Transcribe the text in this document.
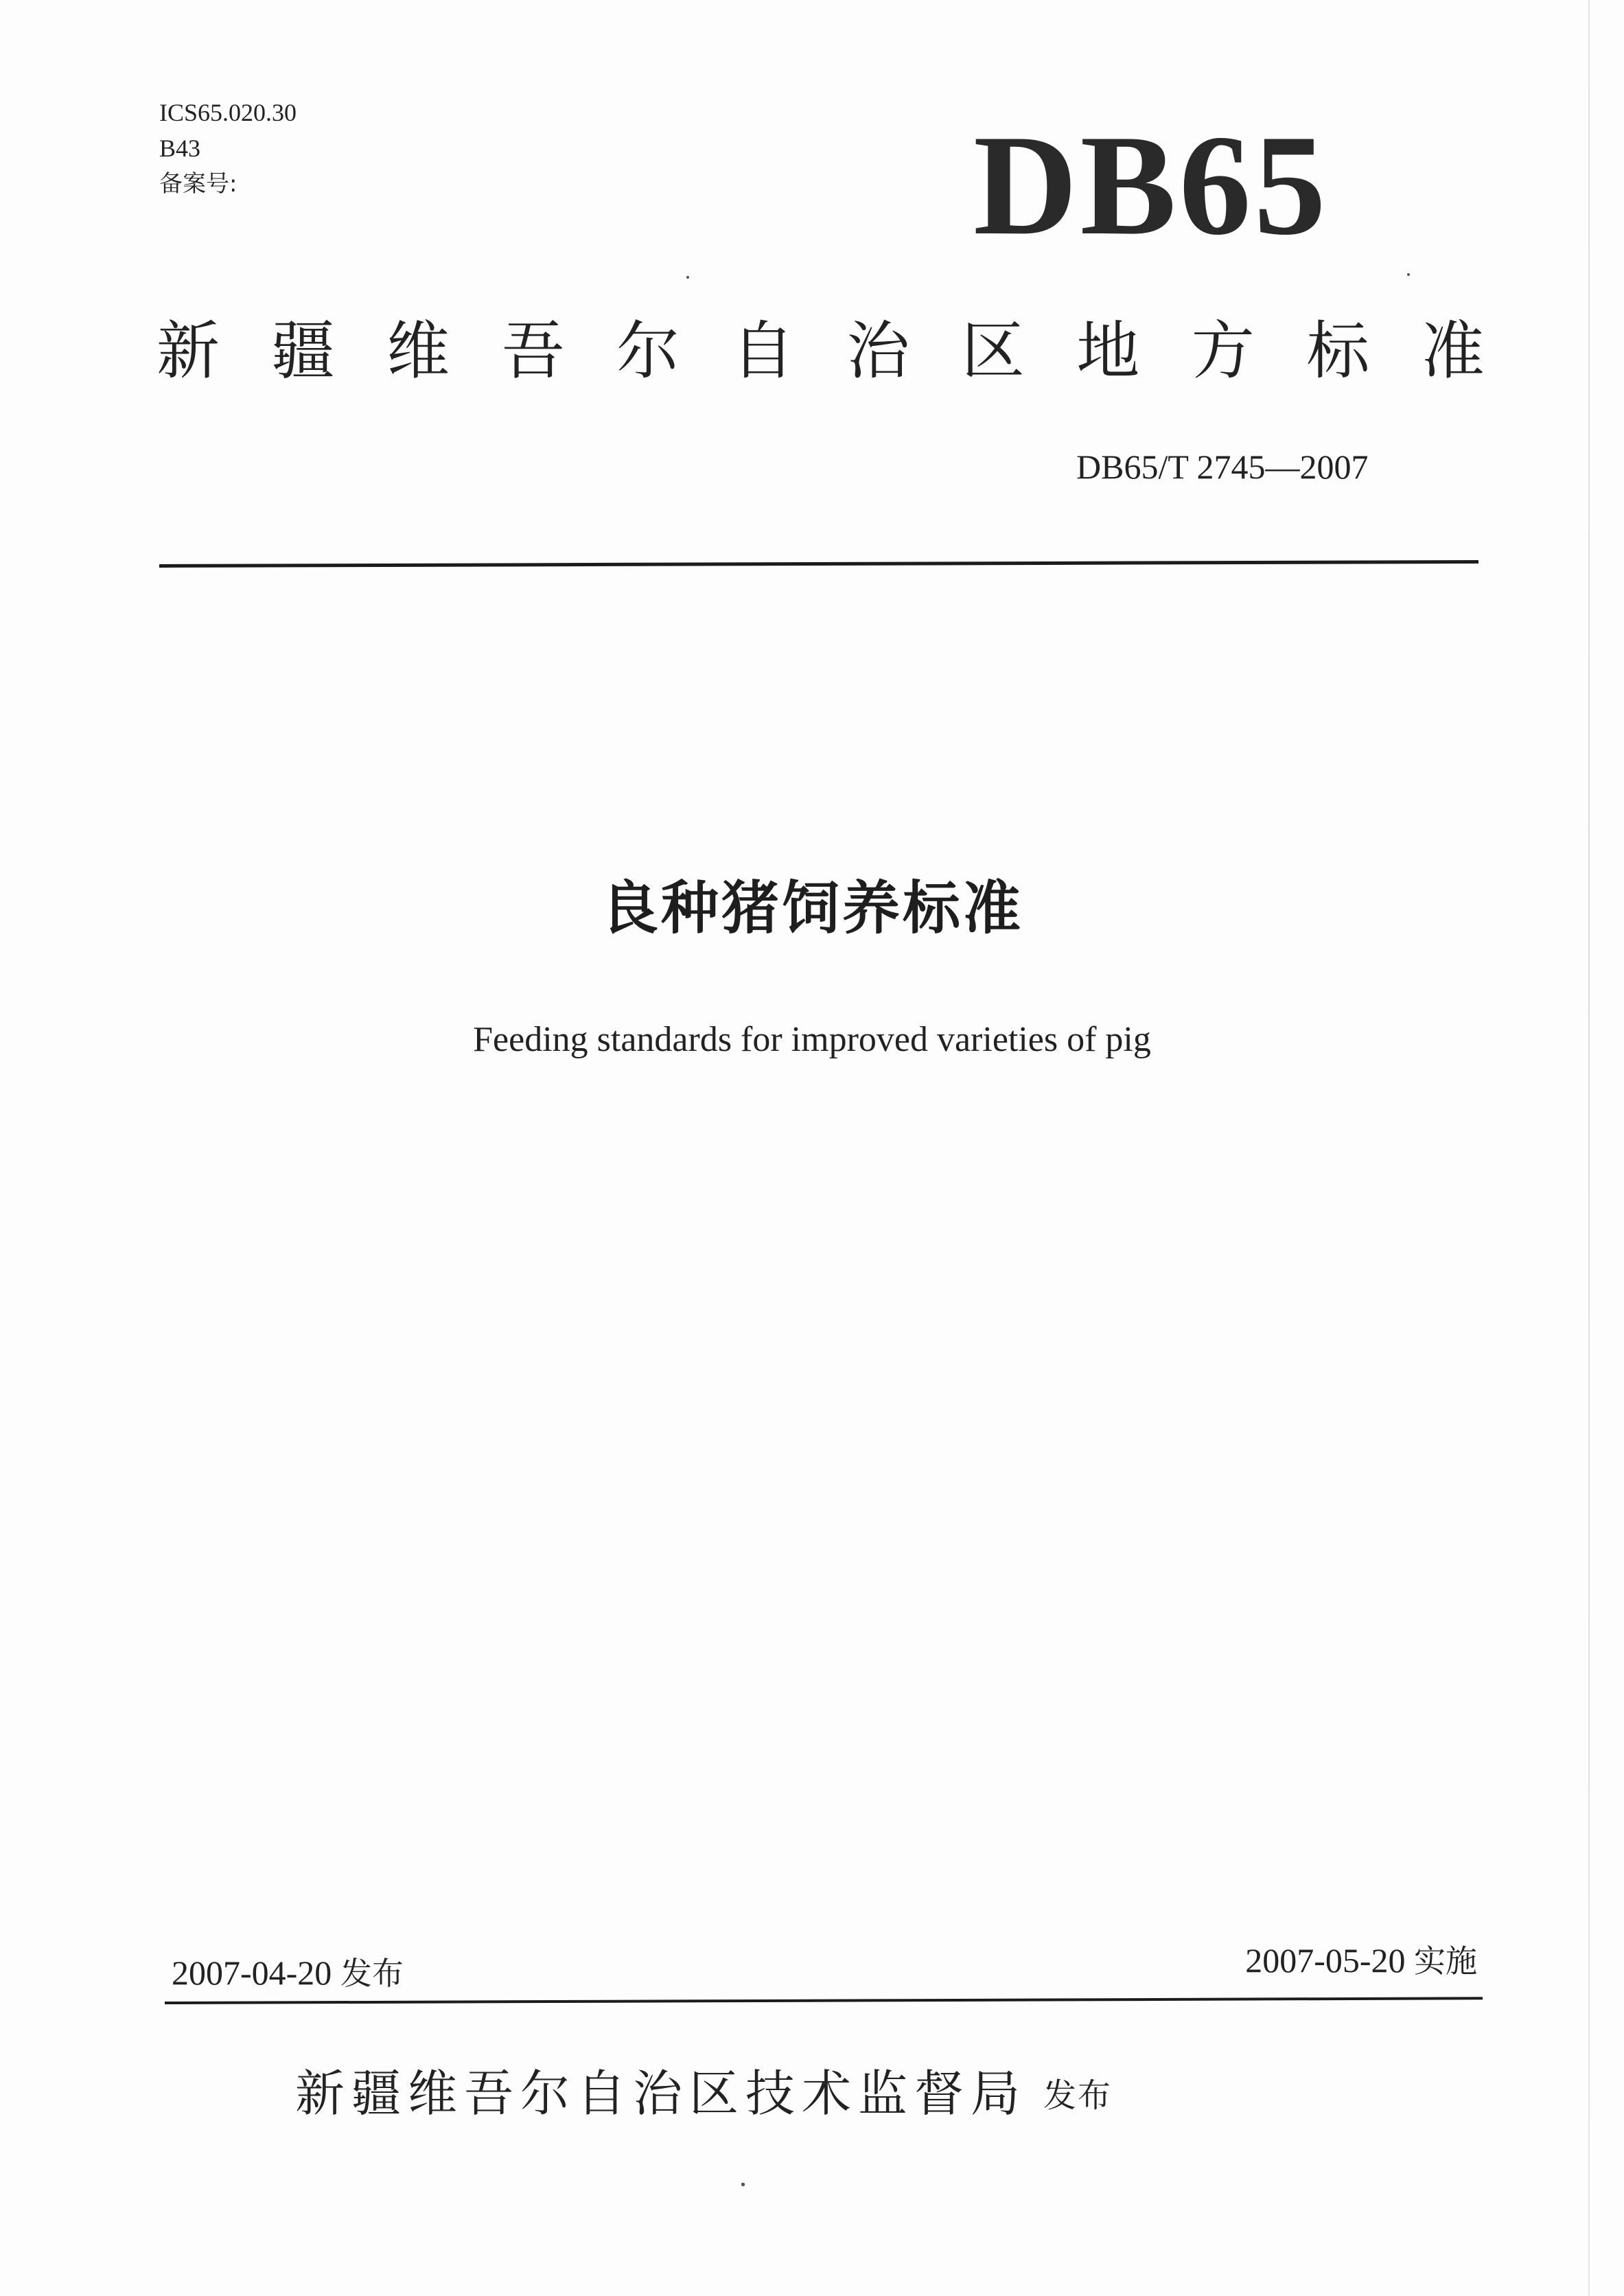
ICS65.020.30
B43
备案号:	DB65
新 疆 维 吾 尔 自 治 区 地 方 标 准
DB65/T 2745—2007
良种猪饲养标准
Feeding standards for improved varieties of pig
2007-04-20 发布	2007-05-20 实施
新疆维吾尔自治区技术监督局 发布
